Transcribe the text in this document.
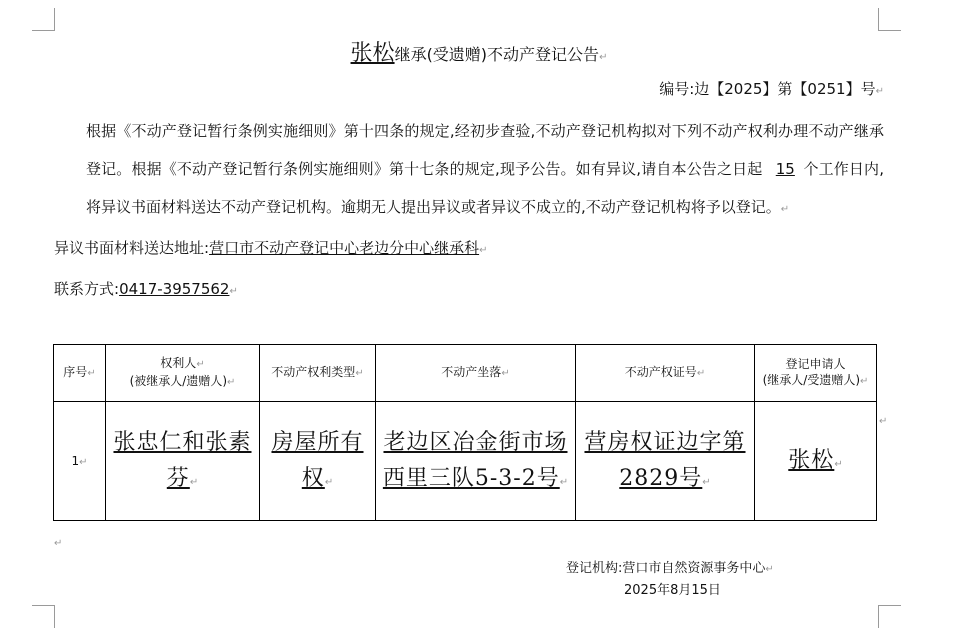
张松继承(受遗赠)不动产登记公告↵
编号:边【2025】第【0251】号↵

根据《不动产登记暂行条例实施细则》第十四条的规定,经初步查验,不动产登记机构拟对下列不动产权利办理不动产继承登记。根据《不动产登记暂行条例实施细则》第十七条的规定,现予公告。如有异议,请自本公告之日起 15 个工作日内,将异议书面材料送达不动产登记机构。逾期无人提出异议或者异议不成立的,不动产登记机构将予以登记。↵

异议书面材料送达地址:营口市不动产登记中心老边分中心继承科↵

联系方式:0417-3957562↵

序号↵	权利人↵
(被继承人/遗赠人)↵	不动产权利类型↵	不动产坐落↵	不动产权证号↵	登记申请人
(继承人/受遗赠人)↵
1↵	张忠仁和张素芬↵	房屋所有权↵	老边区冶金街市场西里三队5-3-2号↵	营房权证边字第2829号↵	张松↵
↵
↵
登记机构:营口市自然资源事务中心↵
2025年8月15日
